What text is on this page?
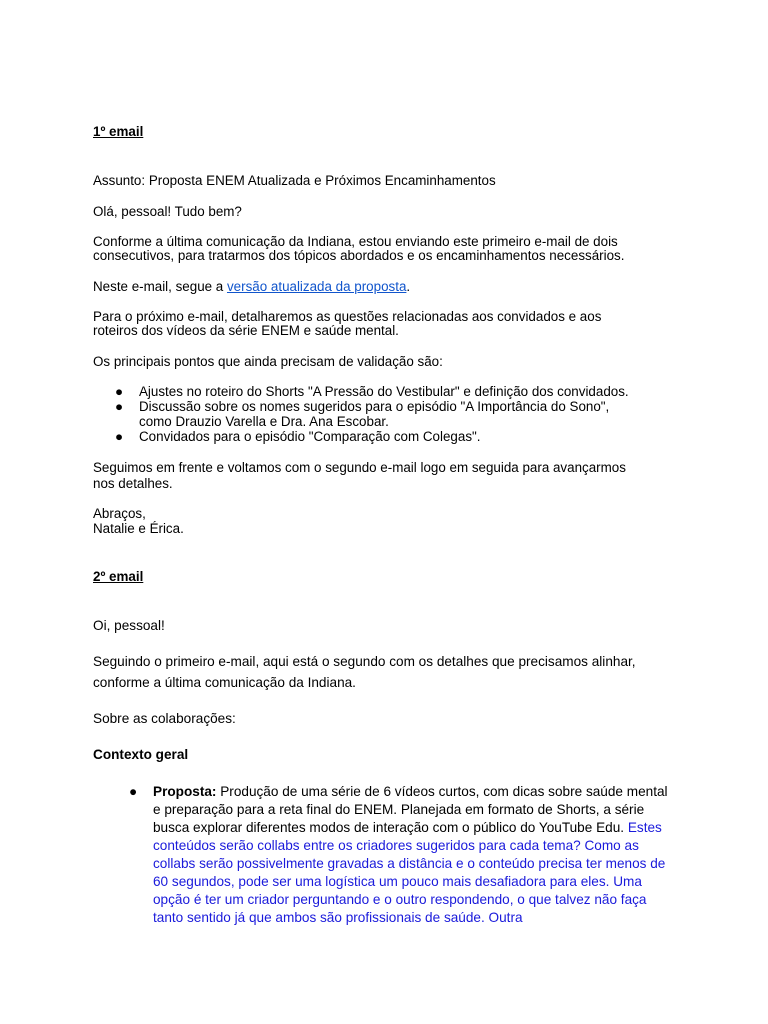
1º email
Assunto: Proposta ENEM Atualizada e Próximos Encaminhamentos
Olá, pessoal! Tudo bem?
Conforme a última comunicação da Indiana, estou enviando este primeiro e-mail de dois
consecutivos, para tratarmos dos tópicos abordados e os encaminhamentos necessários.
Neste e-mail, segue a versão atualizada da proposta.
Para o próximo e-mail, detalharemos as questões relacionadas aos convidados e aos
roteiros dos vídeos da série ENEM e saúde mental.
Os principais pontos que ainda precisam de validação são:
● Ajustes no roteiro do Shorts "A Pressão do Vestibular" e definição dos convidados.
● Discussão sobre os nomes sugeridos para o episódio "A Importância do Sono",
como Drauzio Varella e Dra. Ana Escobar.
● Convidados para o episódio "Comparação com Colegas".
Seguimos em frente e voltamos com o segundo e-mail logo em seguida para avançarmos
nos detalhes.
Abraços,
Natalie e Érica.
2º email
Oi, pessoal!
Seguindo o primeiro e-mail, aqui está o segundo com os detalhes que precisamos alinhar,
conforme a última comunicação da Indiana.
Sobre as colaborações:
Contexto geral
● Proposta: Produção de uma série de 6 vídeos curtos, com dicas sobre saúde mental e preparação para a reta final do ENEM. Planejada em formato de Shorts, a série busca explorar diferentes modos de interação com o público do YouTube Edu. Estes conteúdos serão collabs entre os criadores sugeridos para cada tema? Como as collabs serão possivelmente gravadas a distância e o conteúdo precisa ter menos de 60 segundos, pode ser uma logística um pouco mais desafiadora para eles. Uma opção é ter um criador perguntando e o outro respondendo, o que talvez não faça tanto sentido já que ambos são profissionais de saúde. Outra
